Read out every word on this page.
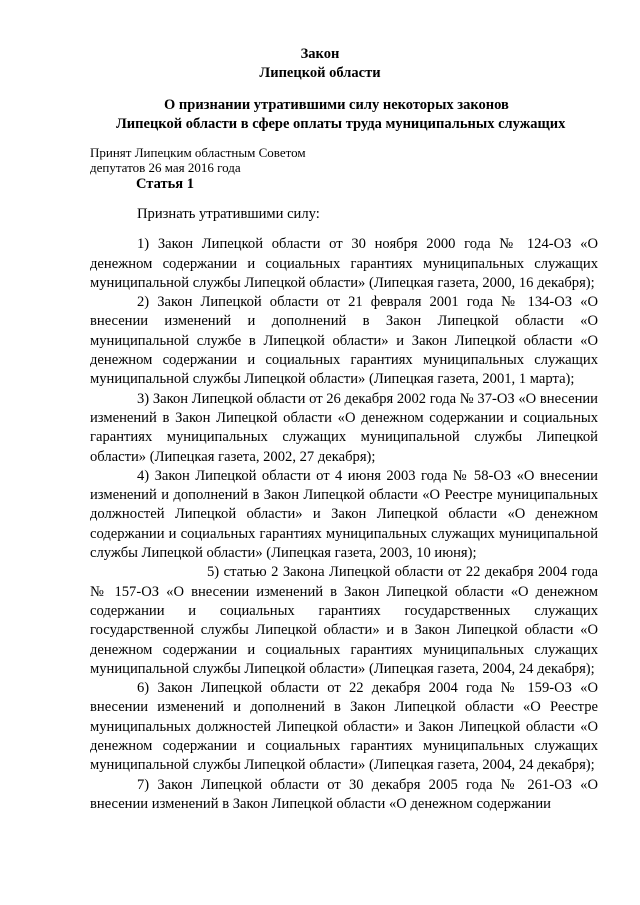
Закон
Липецкой области
О признании утратившими силу некоторых законов
Липецкой области в сфере оплаты труда муниципальных служащих
Принят Липецким областным Советом
депутатов 26 мая 2016 года
Статья 1

Признать утратившими силу:

1) Закон Липецкой области от 30 ноября 2000 года № 124-ОЗ «О денежном содержании и социальных гарантиях муниципальных служащих муниципальной службы Липецкой области» (Липецкая газета, 2000, 16 декабря);

2) Закон Липецкой области от 21 февраля 2001 года № 134-ОЗ «О внесении изменений и дополнений в Закон Липецкой области «О муниципальной службе в Липецкой области» и Закон Липецкой области «О денежном содержании и социальных гарантиях муниципальных служащих муниципальной службы Липецкой области» (Липецкая газета, 2001, 1 марта);

3) Закон Липецкой области от 26 декабря 2002 года № 37-ОЗ «О внесении изменений в Закон Липецкой области «О денежном содержании и социальных гарантиях муниципальных служащих муниципальной службы Липецкой области» (Липецкая газета, 2002, 27 декабря);

4) Закон Липецкой области от 4 июня 2003 года № 58-ОЗ «О внесении изменений и дополнений в Закон Липецкой области «О Реестре муниципальных должностей Липецкой области» и Закон Липецкой области «О денежном содержании и социальных гарантиях муниципальных служащих муниципальной службы Липецкой области» (Липецкая газета, 2003, 10 июня);

5) статью 2 Закона Липецкой области от 22 декабря 2004 года № 157-ОЗ «О внесении изменений в Закон Липецкой области «О денежном содержании и социальных гарантиях государственных служащих государственной службы Липецкой области» и в Закон Липецкой области «О денежном содержании и социальных гарантиях муниципальных служащих муниципальной службы Липецкой области» (Липецкая газета, 2004, 24 декабря);

6) Закон Липецкой области от 22 декабря 2004 года № 159-ОЗ «О внесении изменений и дополнений в Закон Липецкой области «О Реестре муниципальных должностей Липецкой области» и Закон Липецкой области «О денежном содержании и социальных гарантиях муниципальных служащих муниципальной службы Липецкой области» (Липецкая газета, 2004, 24 декабря);

7) Закон Липецкой области от 30 декабря 2005 года № 261-ОЗ «О внесении изменений в Закон Липецкой области «О денежном содержании
